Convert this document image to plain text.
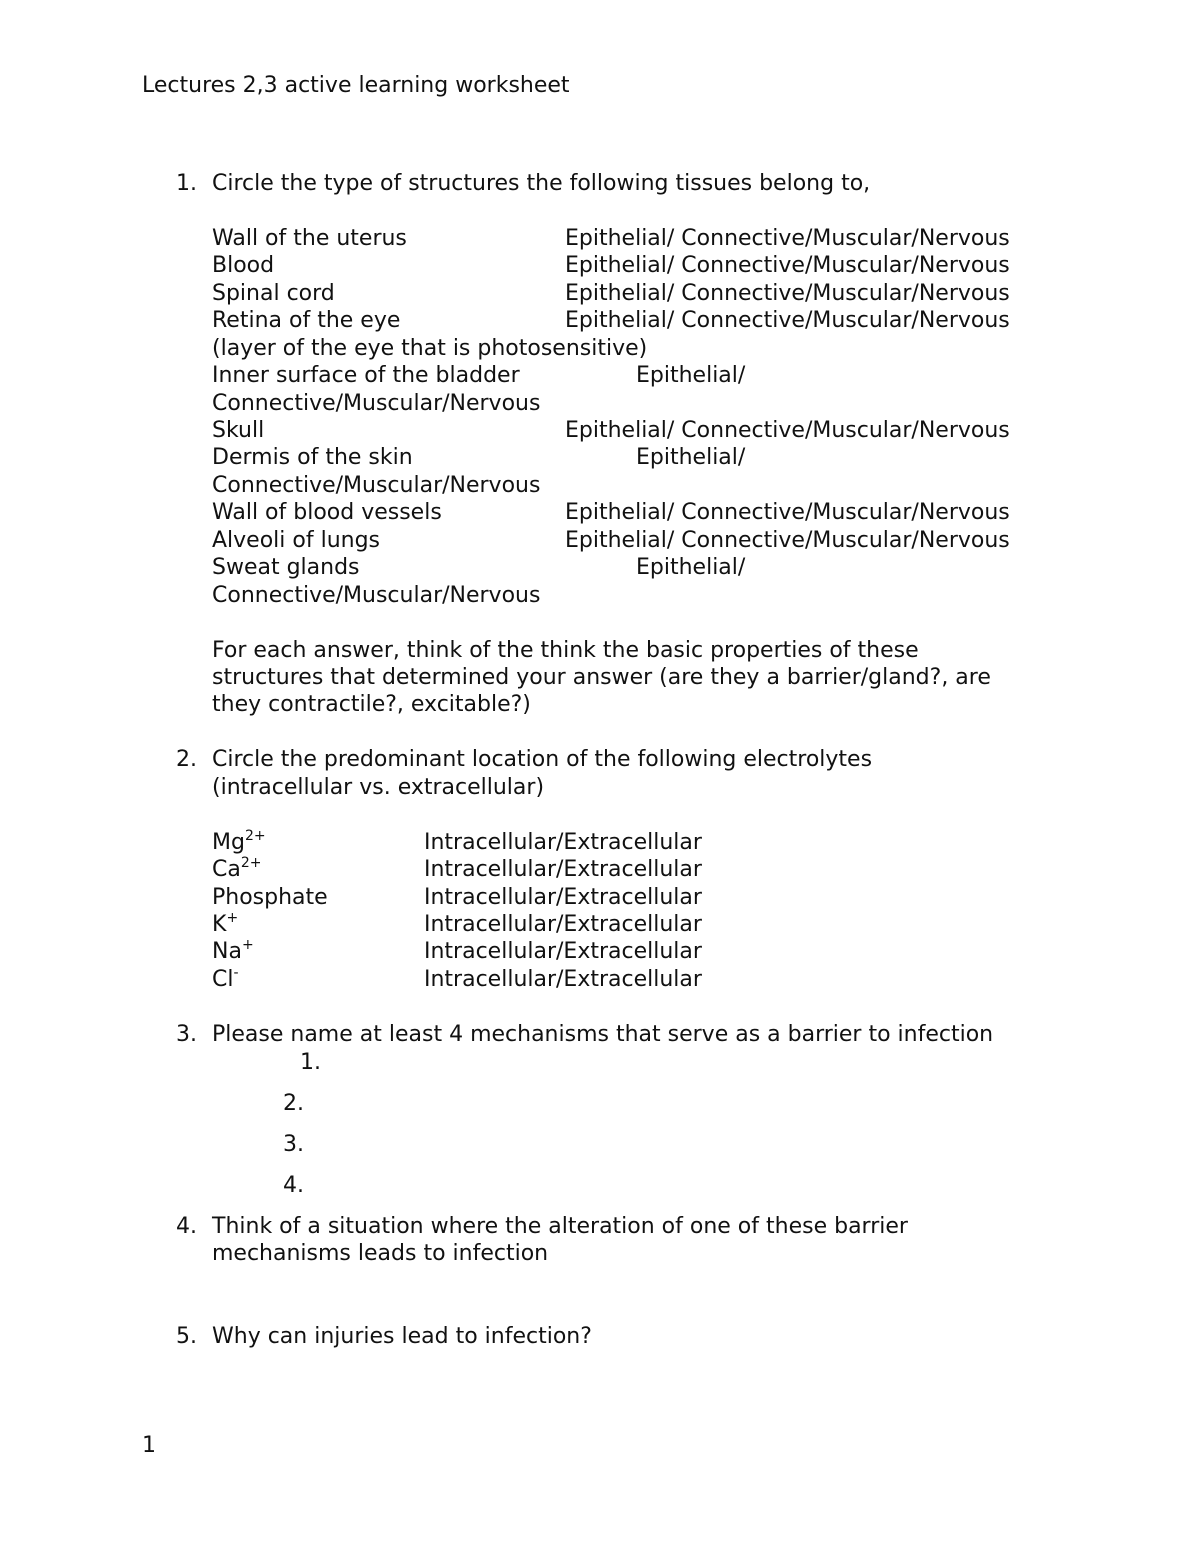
Lectures 2,3 active learning worksheet
1. Circle the type of structures the following tissues belong to,
Wall of the uterus	Epithelial/ Connective/Muscular/Nervous
Blood	Epithelial/ Connective/Muscular/Nervous
Spinal cord	Epithelial/ Connective/Muscular/Nervous
Retina of the eye	Epithelial/ Connective/Muscular/Nervous
(layer of the eye that is photosensitive)
Inner surface of the bladder	Epithelial/
Connective/Muscular/Nervous
Skull	Epithelial/ Connective/Muscular/Nervous
Dermis of the skin	Epithelial/
Connective/Muscular/Nervous
Wall of blood vessels	Epithelial/ Connective/Muscular/Nervous
Alveoli of lungs	Epithelial/ Connective/Muscular/Nervous
Sweat glands	Epithelial/
Connective/Muscular/Nervous
For each answer, think of the think the basic properties of these
structures that determined your answer (are they a barrier/gland?, are
they contractile?, excitable?)
2. Circle the predominant location of the following electrolytes
(intracellular vs. extracellular)
$Mg^{2+}$	Intracellular/Extracellular
$Ca^{2+}$	Intracellular/Extracellular
Phosphate	Intracellular/Extracellular
K+	Intracellular/Extracellular
Na+	Intracellular/Extracellular
Cl-	Intracellular/Extracellular
3. Please name at least 4 mechanisms that serve as a barrier to infection
1.
2.
3.
4.
4. Think of a situation where the alteration of one of these barrier
mechanisms leads to infection
5. Why can injuries lead to infection?
1
